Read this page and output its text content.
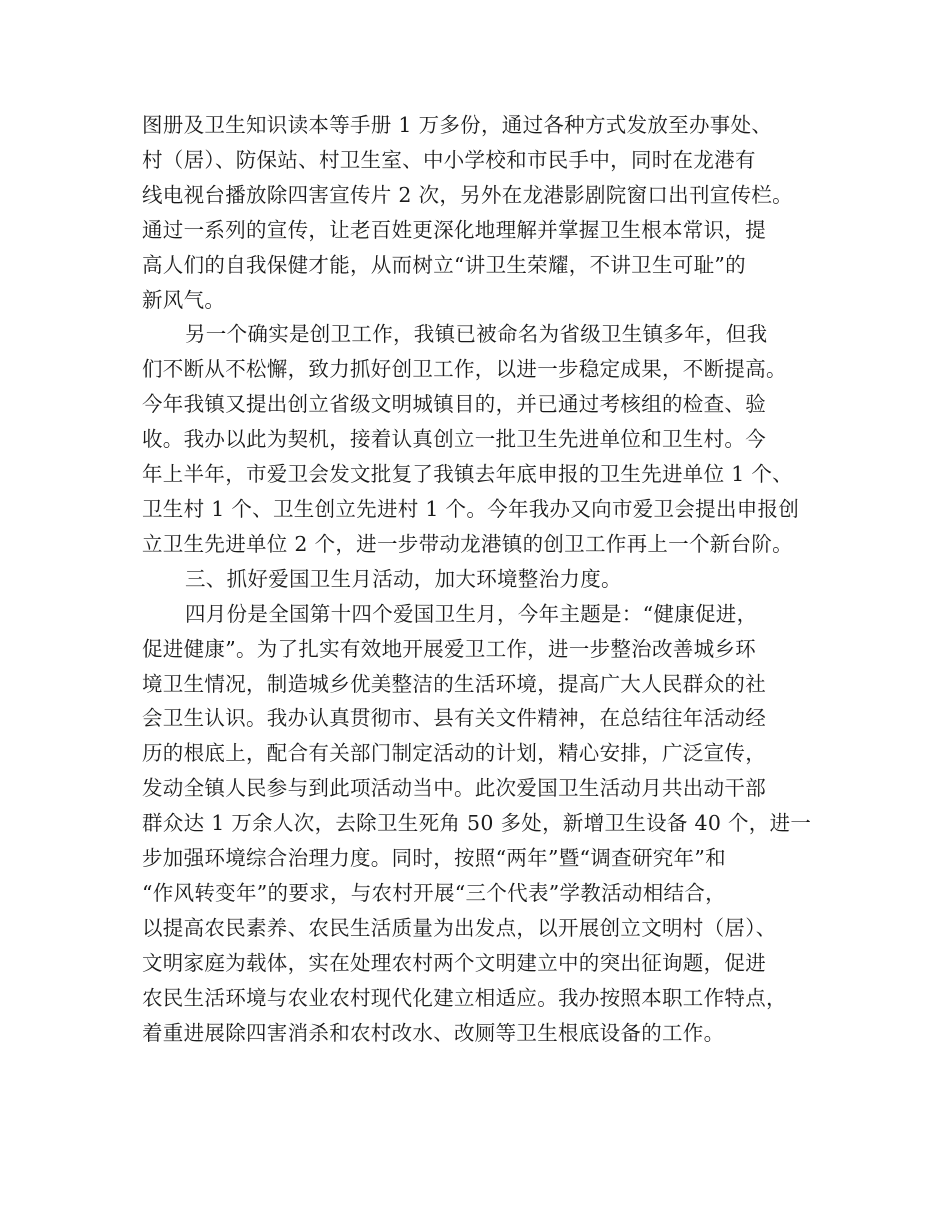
图册及卫生知识读本等手册 1 万多份，通过各种方式发放至办事处、
村（居）、防保站、村卫生室、中小学校和市民手中，同时在龙港有
线电视台播放除四害宣传片 2 次，另外在龙港影剧院窗口出刊宣传栏。
通过一系列的宣传，让老百姓更深化地理解并掌握卫生根本常识，提
高人们的自我保健才能，从而树立“讲卫生荣耀，不讲卫生可耻”的
新风气。

另一个确实是创卫工作，我镇已被命名为省级卫生镇多年，但我
们不断从不松懈，致力抓好创卫工作，以进一步稳定成果，不断提高。
今年我镇又提出创立省级文明城镇目的，并已通过考核组的检查、验
收。我办以此为契机，接着认真创立一批卫生先进单位和卫生村。今
年上半年，市爱卫会发文批复了我镇去年底申报的卫生先进单位 1 个、
卫生村 1 个、卫生创立先进村 1 个。今年我办又向市爱卫会提出申报创
立卫生先进单位 2 个，进一步带动龙港镇的创卫工作再上一个新台阶。

三、抓好爱国卫生月活动，加大环境整治力度。

四月份是全国第十四个爱国卫生月，今年主题是：“健康促进，
促进健康”。为了扎实有效地开展爱卫工作，进一步整治改善城乡环
境卫生情况，制造城乡优美整洁的生活环境，提高广大人民群众的社
会卫生认识。我办认真贯彻市、县有关文件精神，在总结往年活动经
历的根底上，配合有关部门制定活动的计划，精心安排，广泛宣传，
发动全镇人民参与到此项活动当中。此次爱国卫生活动月共出动干部
群众达 1 万余人次，去除卫生死角 50 多处，新增卫生设备 40 个，进一
步加强环境综合治理力度。同时，按照“两年”暨“调查研究年”和
“作风转变年”的要求，与农村开展“三个代表”学教活动相结合，
以提高农民素养、农民生活质量为出发点，以开展创立文明村（居）、
文明家庭为载体，实在处理农村两个文明建立中的突出征询题，促进
农民生活环境与农业农村现代化建立相适应。我办按照本职工作特点，
着重进展除四害消杀和农村改水、改厕等卫生根底设备的工作。
